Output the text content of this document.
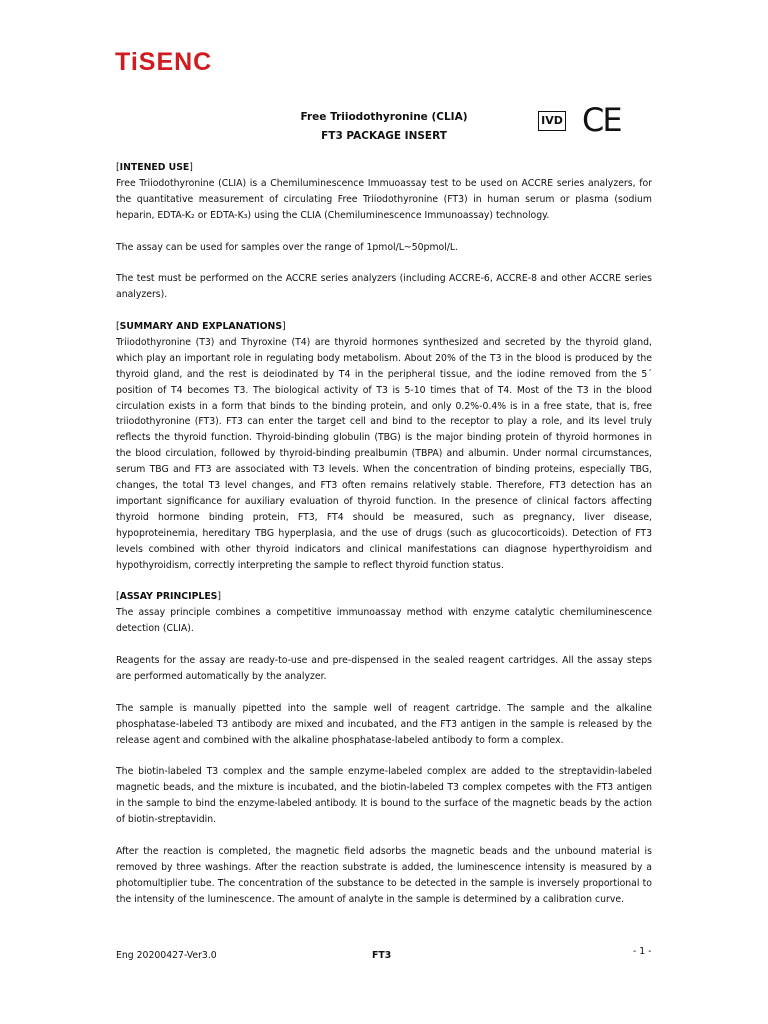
TiSENC
Free Triiodothyronine (CLIA)
FT3 PACKAGE INSERT
IVD CE

[INTENED USE]

Free Triiodothyronine (CLIA) is a Chemiluminescence Immuoassay test to be used on ACCRE series analyzers, for the quantitative measurement of circulating Free Triiodothyronine (FT3) in human serum or plasma (sodium heparin, EDTA-K₂ or EDTA-K₃) using the CLIA (Chemiluminescence Immunoassay) technology.

The assay can be used for samples over the range of 1pmol/L~50pmol/L.

The test must be performed on the ACCRE series analyzers (including ACCRE-6, ACCRE-8 and other ACCRE series analyzers).

[SUMMARY AND EXPLANATIONS]

Triiodothyronine (T3) and Thyroxine (T4) are thyroid hormones synthesized and secreted by the thyroid gland, which play an important role in regulating body metabolism. About 20% of the T3 in the blood is produced by the thyroid gland, and the rest is deiodinated by T4 in the peripheral tissue, and the iodine removed from the 5´ position of T4 becomes T3. The biological activity of T3 is 5-10 times that of T4. Most of the T3 in the blood circulation exists in a form that binds to the binding protein, and only 0.2%-0.4% is in a free state, that is, free triiodothyronine (FT3). FT3 can enter the target cell and bind to the receptor to play a role, and its level truly reflects the thyroid function. Thyroid-binding globulin (TBG) is the major binding protein of thyroid hormones in the blood circulation, followed by thyroid-binding prealbumin (TBPA) and albumin. Under normal circumstances, serum TBG and FT3 are associated with T3 levels. When the concentration of binding proteins, especially TBG, changes, the total T3 level changes, and FT3 often remains relatively stable. Therefore, FT3 detection has an important significance for auxiliary evaluation of thyroid function. In the presence of clinical factors affecting thyroid hormone binding protein, FT3, FT4 should be measured, such as pregnancy, liver disease, hypoproteinemia, hereditary TBG hyperplasia, and the use of drugs (such as glucocorticoids). Detection of FT3 levels combined with other thyroid indicators and clinical manifestations can diagnose hyperthyroidism and hypothyroidism, correctly interpreting the sample to reflect thyroid function status.

[ASSAY PRINCIPLES]

The assay principle combines a competitive immunoassay method with enzyme catalytic chemiluminescence detection (CLIA).

Reagents for the assay are ready-to-use and pre-dispensed in the sealed reagent cartridges. All the assay steps are performed automatically by the analyzer.

The sample is manually pipetted into the sample well of reagent cartridge. The sample and the alkaline phosphatase-labeled T3 antibody are mixed and incubated, and the FT3 antigen in the sample is released by the release agent and combined with the alkaline phosphatase-labeled antibody to form a complex.

The biotin-labeled T3 complex and the sample enzyme-labeled complex are added to the streptavidin-labeled magnetic beads, and the mixture is incubated, and the biotin-labeled T3 complex competes with the FT3 antigen in the sample to bind the enzyme-labeled antibody. It is bound to the surface of the magnetic beads by the action of biotin-streptavidin.

After the reaction is completed, the magnetic field adsorbs the magnetic beads and the unbound material is removed by three washings. After the reaction substrate is added, the luminescence intensity is measured by a photomultiplier tube. The concentration of the substance to be detected in the sample is inversely proportional to the intensity of the luminescence. The amount of analyte in the sample is determined by a calibration curve.

Eng 20200427-Ver3.0	FT3	- 1 -
